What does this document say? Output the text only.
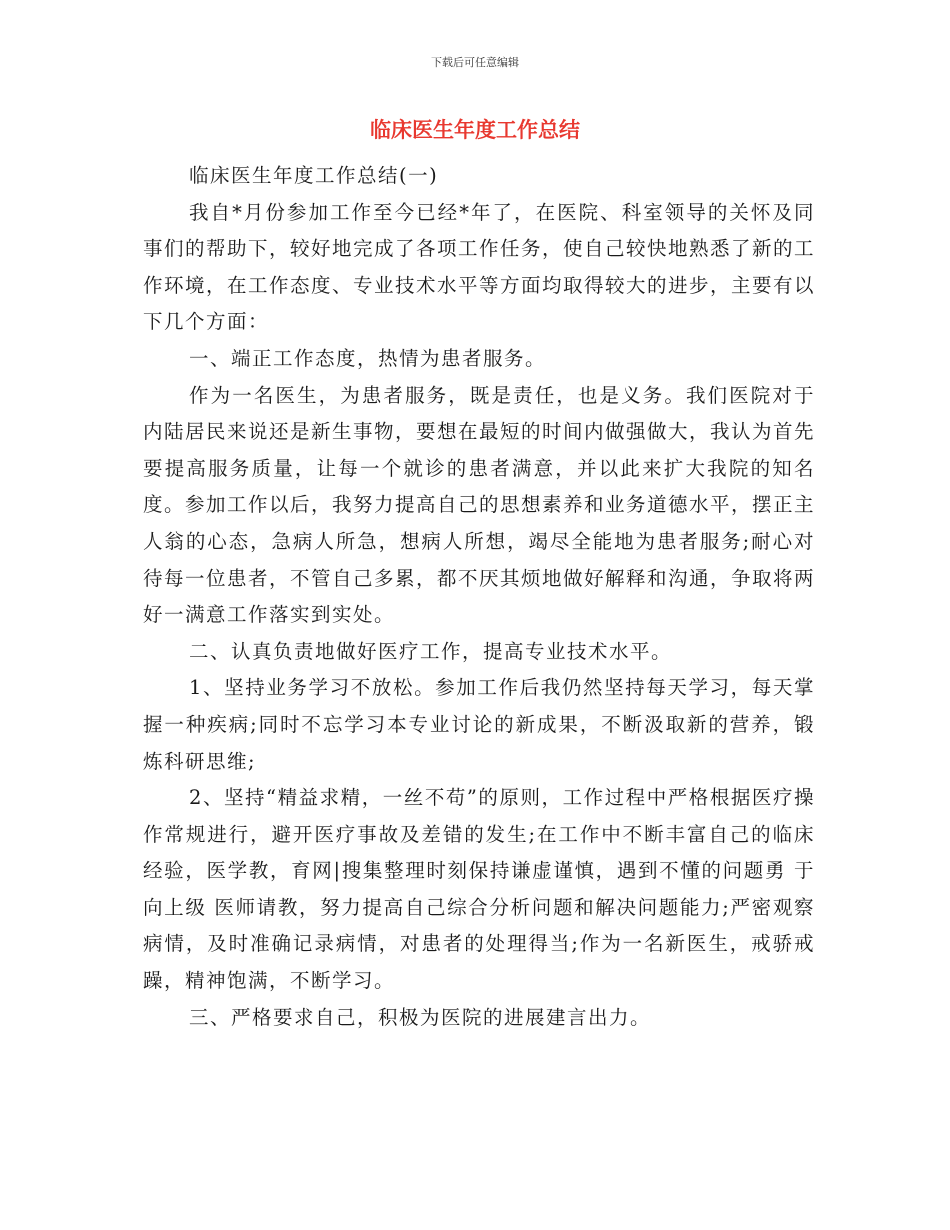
下载后可任意编辑
临床医生年度工作总结

临床医生年度工作总结(一)

我自*月份参加工作至今已经*年了，在医院、科室领导的关怀及同事们的帮助下，较好地完成了各项工作任务，使自己较快地熟悉了新的工作环境，在工作态度、专业技术水平等方面均取得较大的进步，主要有以下几个方面：

一、端正工作态度，热情为患者服务。

作为一名医生，为患者服务，既是责任，也是义务。我们医院对于内陆居民来说还是新生事物，要想在最短的时间内做强做大，我认为首先要提高服务质量，让每一个就诊的患者满意，并以此来扩大我院的知名度。参加工作以后，我努力提高自己的思想素养和业务道德水平，摆正主人翁的心态，急病人所急，想病人所想，竭尽全能地为患者服务;耐心对待每一位患者，不管自己多累，都不厌其烦地做好解释和沟通，争取将两好一满意工作落实到实处。

二、认真负责地做好医疗工作，提高专业技术水平。

1、坚持业务学习不放松。参加工作后我仍然坚持每天学习，每天掌握一种疾病;同时不忘学习本专业讨论的新成果，不断汲取新的营养，锻炼科研思维;

2、坚持“精益求精，一丝不苟”的原则，工作过程中严格根据医疗操作常规进行，避开医疗事故及差错的发生;在工作中不断丰富自己的临床经验，医学教，育网|搜集整理时刻保持谦虚谨慎，遇到不懂的问题勇 于向上级 医师请教，努力提高自己综合分析问题和解决问题能力;严密观察病情，及时准确记录病情，对患者的处理得当;作为一名新医生，戒骄戒躁，精神饱满，不断学习。

三、严格要求自己，积极为医院的进展建言出力。
